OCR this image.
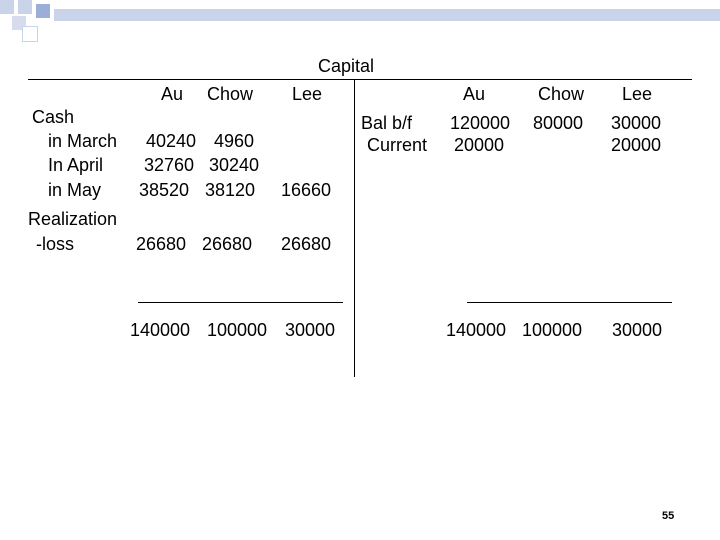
Capital
Au Chow Lee
Cash
in March 40240 4960
In April 32760 30240
in May 38520 38120 16660
Realization
-loss	26680 26680 26680
140000 100000 30000
Au	Chow Lee
Bal b/f 120000 80000 30000
Current 20000	20000
140000 100000 30000
55
